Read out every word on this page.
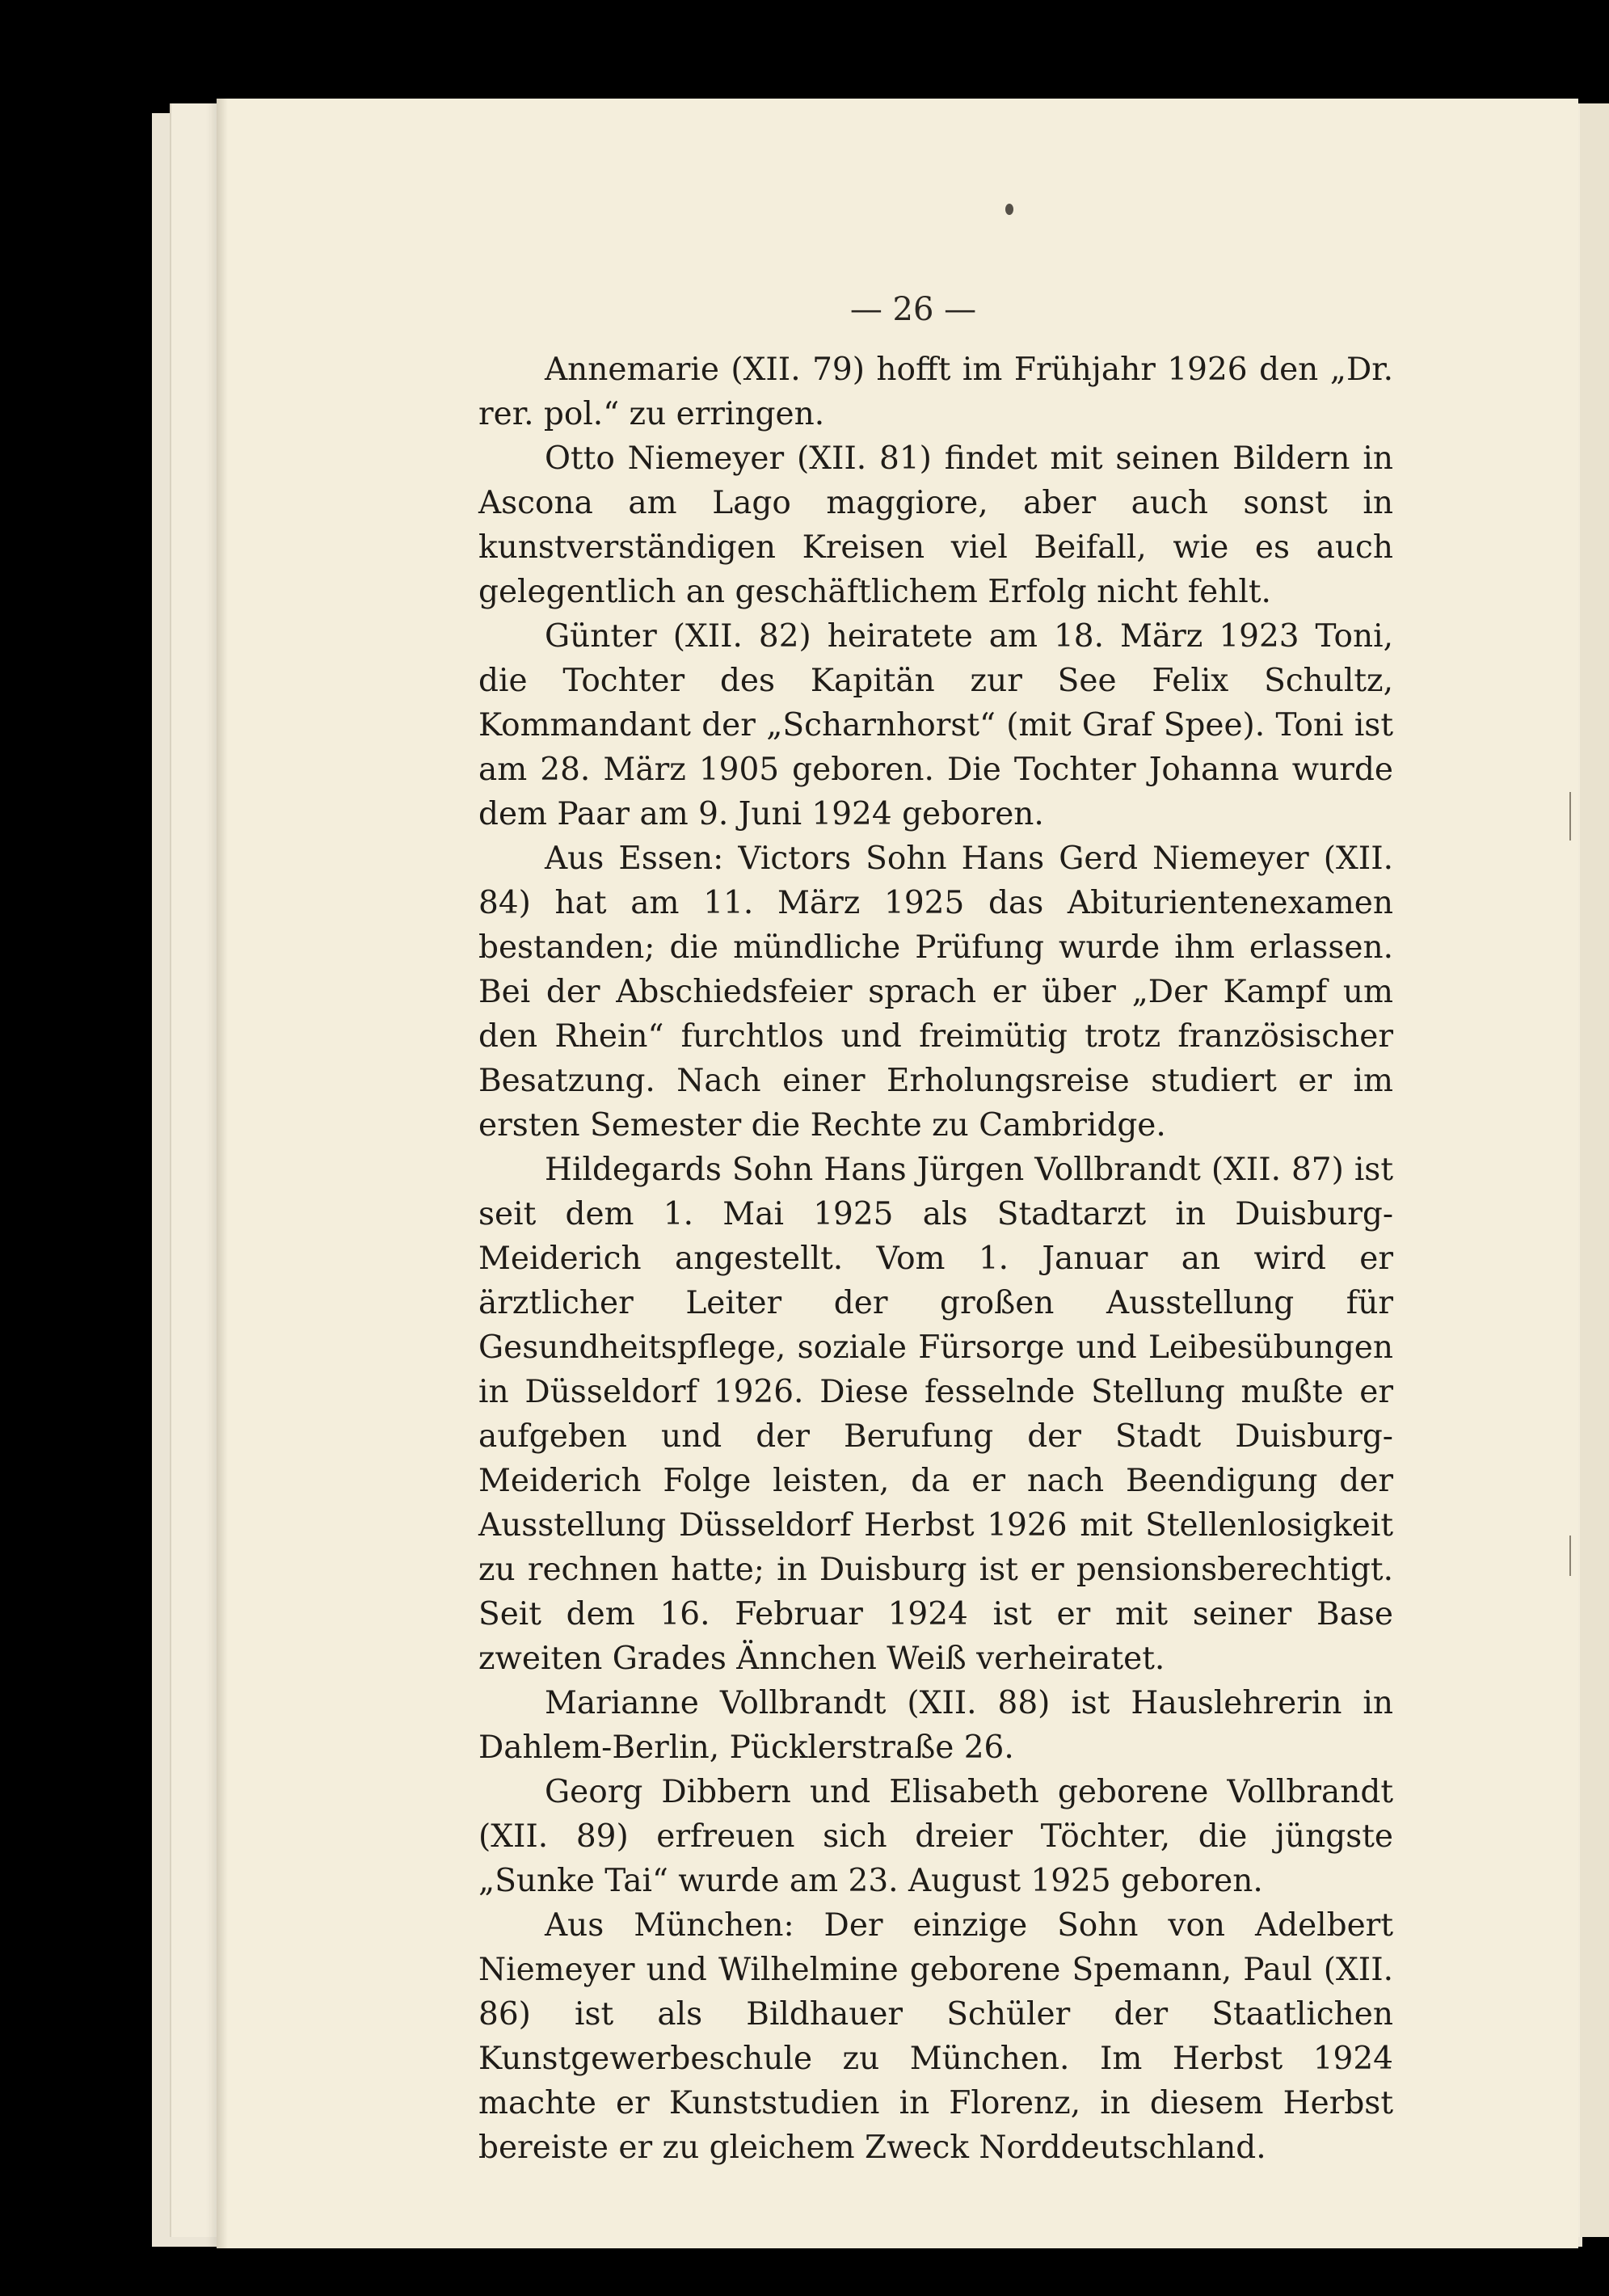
— 26 —

Annemarie (XII. 79) hofft im Frühjahr 1926 den „Dr. rer. pol.“ zu erringen.

Otto Niemeyer (XII. 81) findet mit seinen Bildern in Ascona am Lago maggiore, aber auch sonst in kunstverständigen Kreisen viel Beifall, wie es auch gelegentlich an geschäftlichem Erfolg nicht fehlt.

Günter (XII. 82) heiratete am 18. März 1923 Toni, die Tochter des Kapitän zur See Felix Schultz, Kommandant der „Scharnhorst“ (mit Graf Spee). Toni ist am 28. März 1905 geboren. Die Tochter Johanna wurde dem Paar am 9. Juni 1924 geboren.

Aus Essen: Victors Sohn Hans Gerd Niemeyer (XII. 84) hat am 11. März 1925 das Abiturientenexamen bestanden; die mündliche Prüfung wurde ihm erlassen. Bei der Abschiedsfeier sprach er über „Der Kampf um den Rhein“ furchtlos und freimütig trotz französischer Besatzung. Nach einer Erholungsreise studiert er im ersten Semester die Rechte zu Cambridge.

Hildegards Sohn Hans Jürgen Vollbrandt (XII. 87) ist seit dem 1. Mai 1925 als Stadtarzt in Duisburg-Meiderich angestellt. Vom 1. Januar an wird er ärztlicher Leiter der großen Ausstellung für Gesundheitspflege, soziale Fürsorge und Leibesübungen in Düsseldorf 1926. Diese fesselnde Stellung mußte er aufgeben und der Berufung der Stadt Duisburg-Meiderich Folge leisten, da er nach Beendigung der Ausstellung Düsseldorf Herbst 1926 mit Stellenlosigkeit zu rechnen hatte; in Duisburg ist er pensionsberechtigt. Seit dem 16. Februar 1924 ist er mit seiner Base zweiten Grades Ännchen Weiß verheiratet.

Marianne Vollbrandt (XII. 88) ist Hauslehrerin in Dahlem-Berlin, Pücklerstraße 26.

Georg Dibbern und Elisabeth geborene Vollbrandt (XII. 89) erfreuen sich dreier Töchter, die jüngste „Sunke Tai“ wurde am 23. August 1925 geboren.

Aus München: Der einzige Sohn von Adelbert Niemeyer und Wilhelmine geborene Spemann, Paul (XII. 86) ist als Bildhauer Schüler der Staatlichen Kunstgewerbeschule zu München. Im Herbst 1924 machte er Kunststudien in Florenz, in diesem Herbst bereiste er zu gleichem Zweck Norddeutschland.
